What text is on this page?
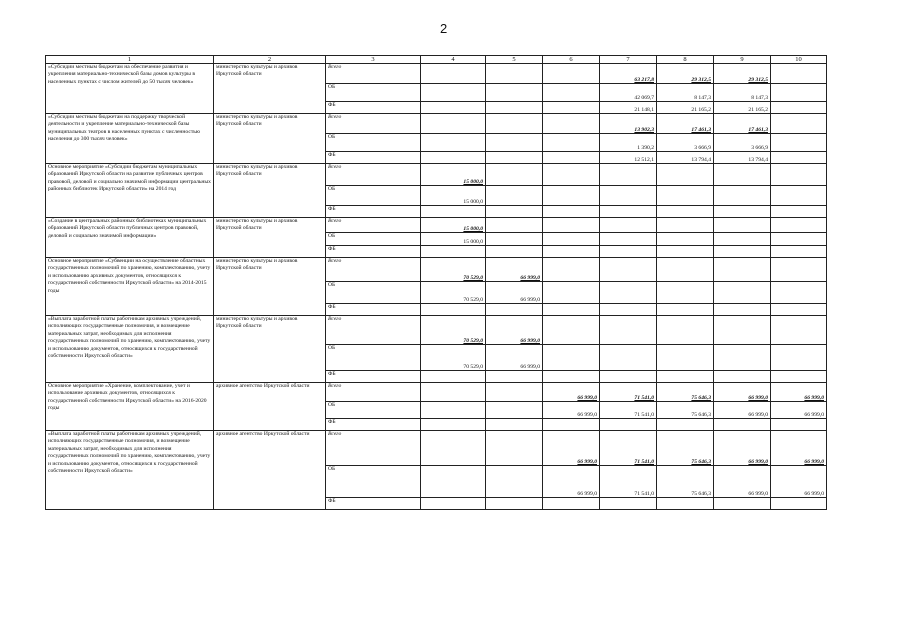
2
1	2	3	4	5	6	7	8	9	10
«Субсидии местным бюджетам на обеспечение развития и укрепления материально-технической базы домов культуры в населенных пунктах с числом жителей до 50 тысяч человек»	министерство культуры и архивов Иркутской области	Всего				63 217,8	29 312,5	29 312,5	
		ОБ				42 069,7	8 147,3	8 147,3	
		ФБ				21 148,1	21 165,2	21 165,2	
«Субсидии местным бюджетам на поддержку творческой деятельности и укрепление материально-технической базы муниципальных театров в населенных пунктах с численностью населения до 300 тысяч человек»	министерство культуры и архивов Иркутской области	Всего				13 902,3	17 461,3	17 461,3	
		ОБ				1 390,2	3 666,9	3 666,9	
		ФБ				12 512,1	13 794,4	13 794,4	
Основное мероприятие «Субсидии бюджетам муниципальных образований Иркутской области на развитие публичных центров правовой, деловой и социально значимой информации центральных районных библиотек Иркутской области» на 2014 год	министерство культуры и архивов Иркутской области	Всего	15 000,0						
		ОБ	15 000,0						
		ФБ							
«Создание в центральных районных библиотеках муниципальных образований Иркутской области публичных центров правовой, деловой и социально значимой информации»	министерство культуры и архивов Иркутской области	Всего	15 000,0						
		ОБ	15 000,0						
		ФБ							
Основное мероприятие «Субвенции на осуществление областных государственных полномочий по хранению, комплектованию, учету и использованию архивных документов, относящихся к государственной собственности Иркутской области» на 2014-2015 годы	министерство культуры и архивов Иркутской области	Всего	70 529,0	66 999,0					
		ОБ	70 529,0	66 999,0					
		ФБ							
«Выплата заработной платы работникам архивных учреждений, исполняющих государственные полномочия, и возмещение материальных затрат, необходимых для исполнения государственных полномочий по хранению, комплектованию, учету и использованию документов, относящихся к государственной собственности Иркутской области»	министерство культуры и архивов Иркутской области	Всего	70 529,0	66 999,0					
		ОБ	70 529,0	66 999,0					
		ФБ							
Основное мероприятие «Хранение, комплектование, учет и использование архивных документов, относящихся к государственной собственности Иркутской области» на 2016-2020 годы	архивное агентство Иркутской области	Всего			66 999,0	71 541,0	75 646,3	66 999,0	66 999,0
		ОБ			66 999,0	71 541,0	75 646,3	66 999,0	66 999,0
		ФБ							
«Выплата заработной платы работникам архивных учреждений, исполняющих государственные полномочия, и возмещение материальных затрат, необходимых для исполнения государственных полномочий по хранению, комплектованию, учету и использованию документов, относящихся к государственной собственности Иркутской области»	архивное агентство Иркутской области	Всего			66 999,0	71 541,0	75 646,3	66 999,0	66 999,0
		ОБ			66 999,0	71 541,0	75 646,3	66 999,0	66 999,0
		ФБ							
